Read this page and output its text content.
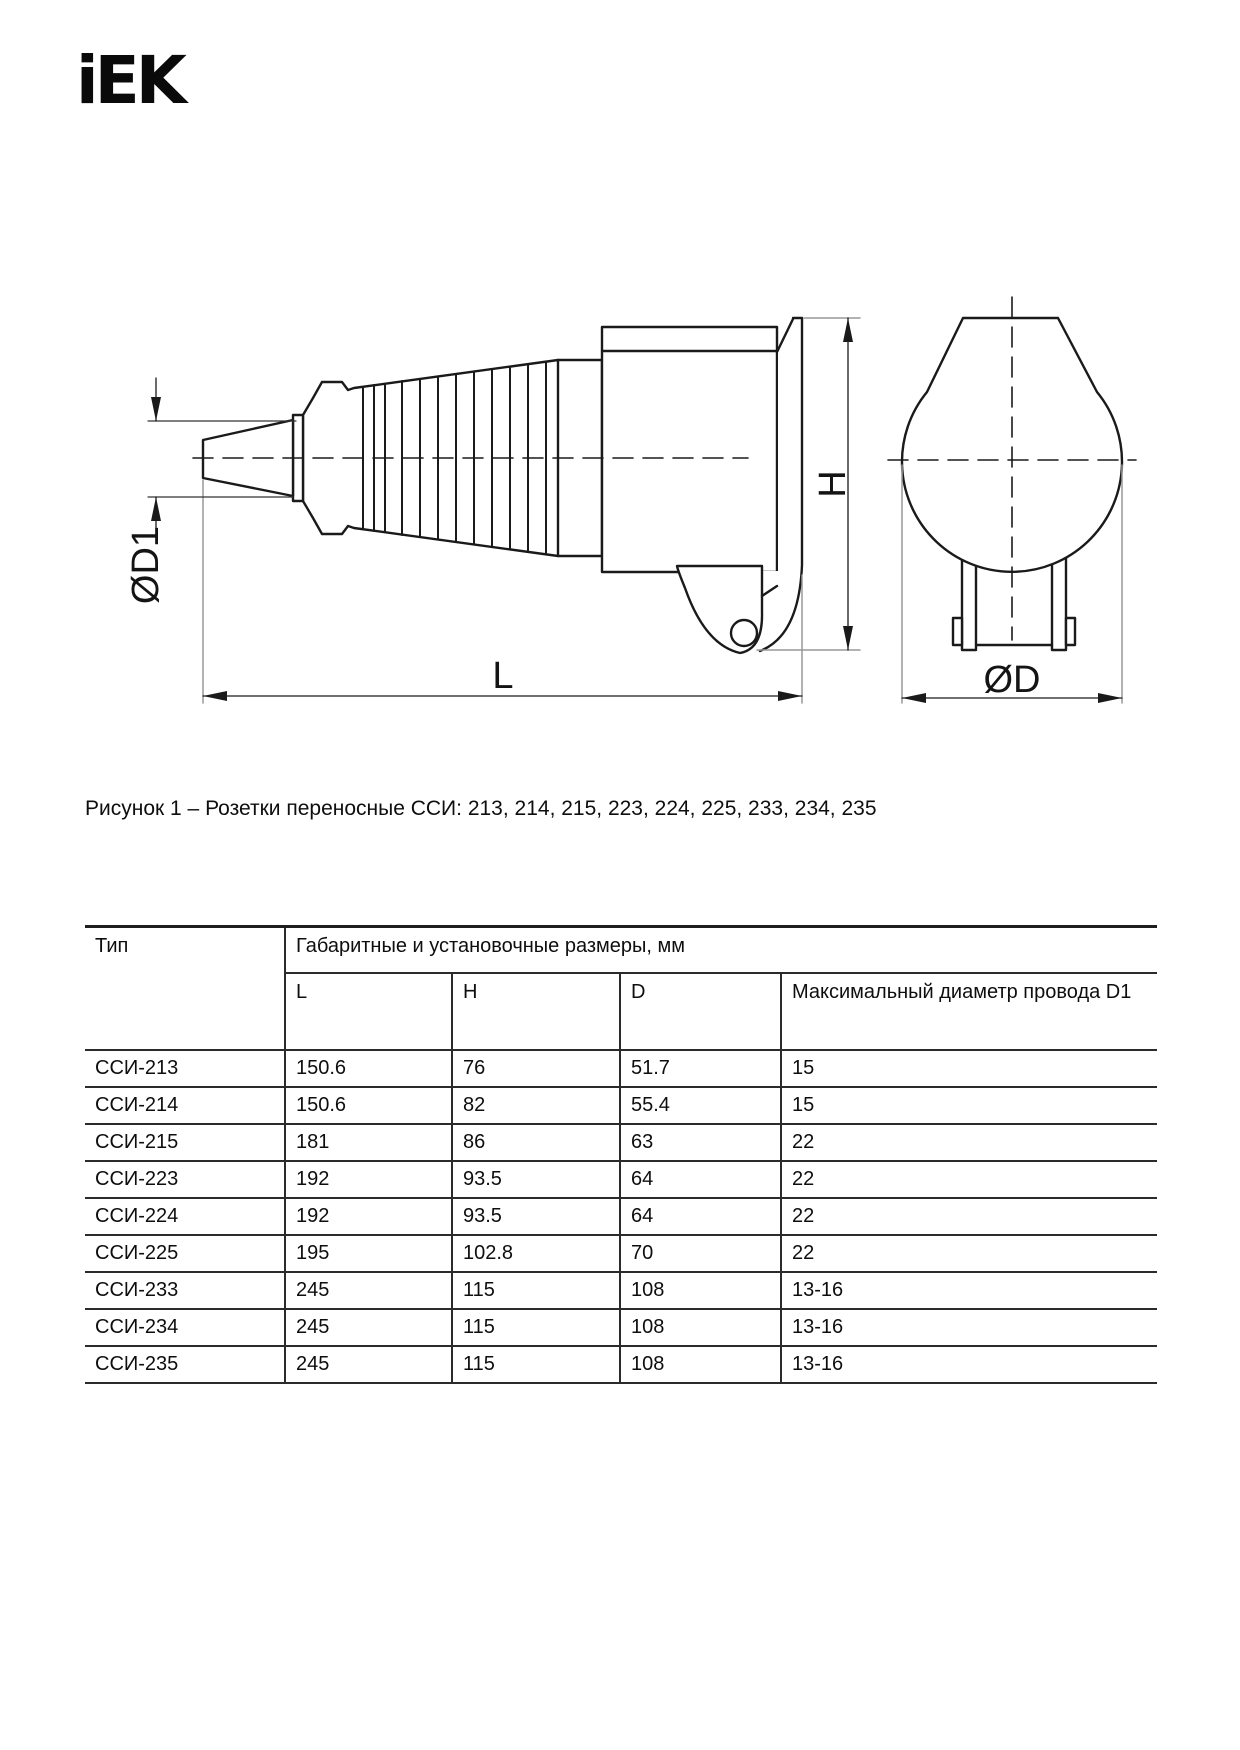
iEK
ØD1
H
L	ØD
Рисунок 1 – Розетки переносные ССИ: 213, 214, 215, 223, 224, 225, 233, 234, 235
Тип	Габаритные и установочные размеры, мм			
	L	H	D	Максимальный диаметр провода D1
ССИ-213	150.6	76	51.7	15
ССИ-214	150.6	82	55.4	15
ССИ-215	181	86	63	22
ССИ-223	192	93.5	64	22
ССИ-224	192	93.5	64	22
ССИ-225	195	102.8	70	22
ССИ-233	245	115	108	13-16
ССИ-234	245	115	108	13-16
ССИ-235	245	115	108	13-16
